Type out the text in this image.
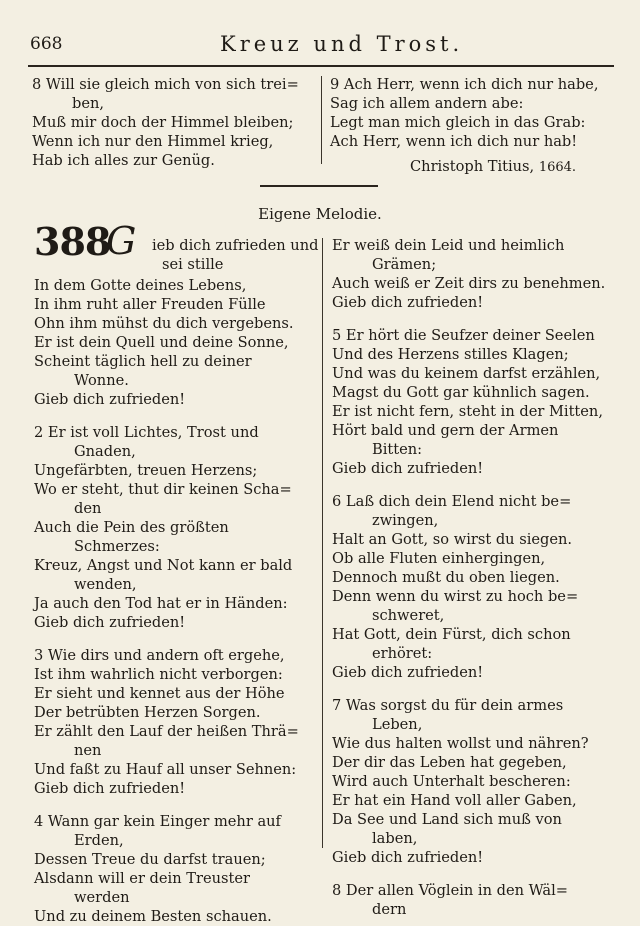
668	Kreuz und Trost.
8 Will sie gleich mich von sich trei=
ben,
Muß mir doch der Himmel bleiben;
Wenn ich nur den Himmel krieg,
Hab ich alles zur Genüg.
9 Ach Herr, wenn ich dich nur habe,
Sag ich allem andern abe:
Legt man mich gleich in das Grab:
Ach Herr, wenn ich dich nur hab!
Christoph Titius, 1664.
Eigene Melodie.
388
G ieb dich zufrieden und
sei stille
In dem Gotte deines Lebens,
In ihm ruht aller Freuden Fülle
Ohn ihm mühst du dich vergebens.
Er ist dein Quell und deine Sonne,
Scheint täglich hell zu deiner
Wonne.
Gieb dich zufrieden!
2 Er ist voll Lichtes, Trost und
Gnaden,
Ungefärbten, treuen Herzens;
Wo er steht, thut dir keinen Scha=
den
Auch die Pein des größten
Schmerzes:
Kreuz, Angst und Not kann er bald
wenden,
Ja auch den Tod hat er in Händen:
Gieb dich zufrieden!
3 Wie dirs und andern oft ergehe,
Ist ihm wahrlich nicht verborgen:
Er sieht und kennet aus der Höhe
Der betrübten Herzen Sorgen.
Er zählt den Lauf der heißen Thrä=
nen
Und faßt zu Hauf all unser Sehnen:
Gieb dich zufrieden!
4 Wann gar kein Einger mehr auf
Erden,
Dessen Treue du darfst trauen;
Alsdann will er dein Treuster
werden
Und zu deinem Besten schauen.
Er weiß dein Leid und heimlich
Grämen;
Auch weiß er Zeit dirs zu benehmen.
Gieb dich zufrieden!
5 Er hört die Seufzer deiner Seelen
Und des Herzens stilles Klagen;
Und was du keinem darfst erzählen,
Magst du Gott gar kühnlich sagen.
Er ist nicht fern, steht in der Mitten,
Hört bald und gern der Armen
Bitten:
Gieb dich zufrieden!
6 Laß dich dein Elend nicht be=
zwingen,
Halt an Gott, so wirst du siegen.
Ob alle Fluten einhergingen,
Dennoch mußt du oben liegen.
Denn wenn du wirst zu hoch be=
schweret,
Hat Gott, dein Fürst, dich schon
erhöret:
Gieb dich zufrieden!
7 Was sorgst du für dein armes
Leben,
Wie dus halten wollst und nähren?
Der dir das Leben hat gegeben,
Wird auch Unterhalt bescheren:
Er hat ein Hand voll aller Gaben,
Da See und Land sich muß von
laben,
Gieb dich zufrieden!
8 Der allen Vöglein in den Wäl=
dern
